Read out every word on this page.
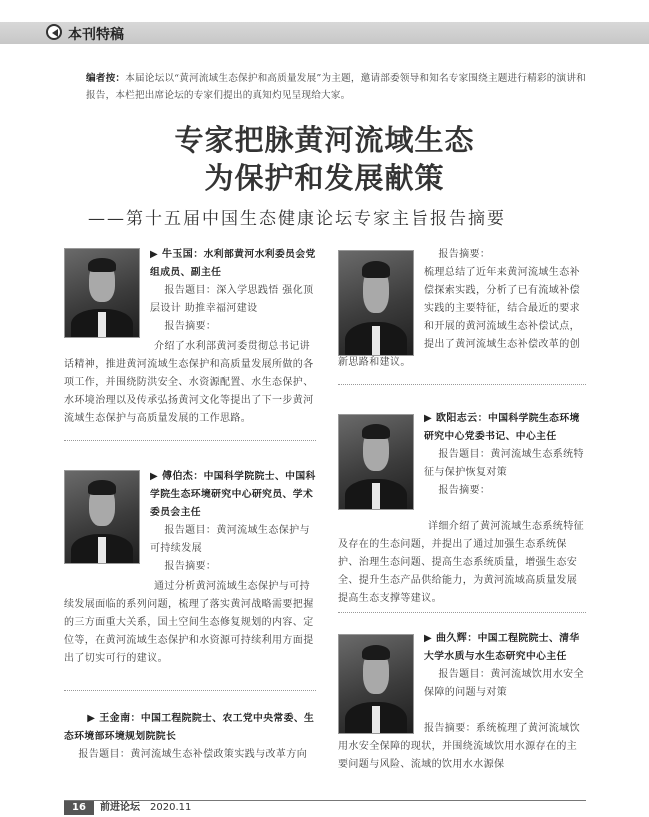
本刊特稿
编者按：本届论坛以“黄河流域生态保护和高质量发展”为主题，邀请部委领导和知名专家围绕主题进行精彩的演讲和报告，本栏把出席论坛的专家们提出的真知灼见呈现给大家。
专家把脉黄河流域生态
为保护和发展献策
——第十五届中国生态健康论坛专家主旨报告摘要
▶ 牛玉国：水利部黄河水利委员会党组成员、副主任
报告题目：深入学思践悟 强化顶层设计 助推幸福河建设
报告摘要：
介绍了水利部黄河委贯彻总书记讲话精神，推进黄河流域生态保护和高质量发展所做的各项工作，并围绕防洪安全、水资源配置、水生态保护、水环境治理以及传承弘扬黄河文化等提出了下一步黄河流域生态保护与高质量发展的工作思路。
▶ 傅伯杰：中国科学院院士、中国科学院生态环境研究中心研究员、学术委员会主任
报告题目：黄河流域生态保护与可持续发展
报告摘要：
通过分析黄河流域生态保护与可持续发展面临的系列问题，梳理了落实黄河战略需要把握的三方面重大关系，国土空间生态修复规划的内容、定位等，在黄河流域生态保护和水资源可持续利用方面提出了切实可行的建议。
▶ 王金南：中国工程院院士、农工党中央常委、生态环境部环境规划院院长
报告题目：黄河流域生态补偿政策实践与改革方向
报告摘要：
梳理总结了近年来黄河流域生态补偿探索实践，分析了已有流域补偿实践的主要特征，结合最近的要求和开展的黄河流域生态补偿试点，提出了黄河流域生态补偿改革的创新思路和建议。
▶ 欧阳志云：中国科学院生态环境研究中心党委书记、中心主任
报告题目：黄河流域生态系统特征与保护恢复对策
报告摘要：
详细介绍了黄河流域生态系统特征及存在的生态问题，并提出了通过加强生态系统保护、治理生态问题、提高生态系统质量，增强生态安全、提升生态产品供给能力，为黄河流域高质量发展提高生态支撑等建议。
▶ 曲久辉：中国工程院院士、清华大学水质与水生态研究中心主任
报告题目：黄河流域饮用水安全保障的问题与对策
报告摘要：系统梳理了黄河流域饮用水安全保障的现状，并围绕流域饮用水源存在的主要问题与风险、流域的饮用水水源保
16	前进论坛 2020.11
